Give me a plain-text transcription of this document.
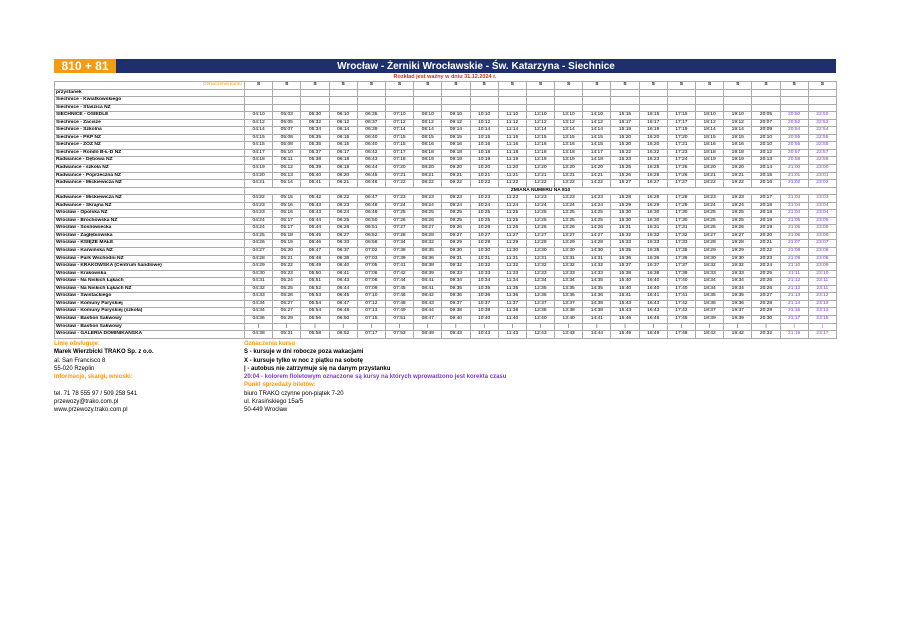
810 + 81	Wrocław - Żerniki Wrocławskie - Św. Katarzyna - Siechnice
Rozkład jest ważny w dniu 31.12.2024 r.
Oznaczenia kursu	S	S	S	S	S	S	S	S	S	S	S	S	S	S	S	S	S	S	S	S	S
przystanek																					
Siechnice - Kwiatkowskiego																					
Siechnice - Staszica NŻ																					
SIECHNICE - OSIEDLE	04:10	05:03	05:30	06:10	06:35	07:10	08:10	09:10	10:10	11:10	12:10	13:10	14:10	15:15	16:15	17:15	18:10	19:10	20:05	20:50	22:50
Siechnice - Zacisze	04:12	05:05	05:32	06:12	06:37	07:12	08:12	09:12	10:12	11:12	12:12	13:12	14:12	15:17	16:17	17:17	18:12	19:12	20:07	20:52	22:52
Siechnice - Szkolna	04:14	05:07	05:34	06:14	06:39	07:14	08:14	09:14	10:14	11:14	12:14	13:14	14:14	15:19	16:19	17:19	18:14	19:14	20:09	20:54	22:54
Siechnice - PKP NŻ	04:15	05:08	05:35	06:15	06:40	07:15	08:15	09:15	10:15	11:15	12:15	13:15	14:15	15:20	16:20	17:20	18:15	19:15	20:10	20:55	22:55
Siechnice - ZOZ NŻ	04:15	05:08	05:35	06:15	06:40	07:15	08:16	09:16	10:16	11:16	12:16	13:16	14:15	15:20	16:20	17:21	18:16	19:16	20:10	20:55	22:55
Siechnice - Rondo B-Ł-D NŻ	04:17	05:10	05:37	06:17	06:42	07:17	08:18	09:18	10:18	11:18	12:18	13:18	14:17	15:22	16:22	17:23	18:18	19:18	20:12	20:57	22:57
Radwanice - Dębowa NŻ	04:18	05:11	05:38	06:18	06:43	07:18	08:19	09:19	10:19	11:19	12:19	13:19	14:18	15:23	16:23	17:24	18:19	19:19	20:13	20:58	22:58
Radwanice - szkoła NŻ	04:19	05:12	05:39	06:19	06:44	07:20	08:20	09:20	10:20	11:20	12:20	13:20	14:20	15:25	16:25	17:25	18:20	19:20	20:14	21:00	23:00
Radwanice - Poprzeczna NŻ	04:20	05:13	05:40	06:20	06:45	07:21	08:21	09:21	10:21	11:21	12:21	13:21	14:21	15:26	16:26	17:26	18:21	19:21	20:15	21:01	23:01
Radwanice - Mickiewicza NŻ	04:21	05:14	05:41	06:21	06:46	07:22	08:22	09:22	10:22	11:22	12:22	13:22	14:22	15:27	16:27	17:27	18:22	19:22	20:16	21:02	23:02
	ZMIANA NUMERU NA 810																				
Radwanice - Mickiewicza NŻ	04:22	05:15	05:42	06:22	06:47	07:23	08:23	09:23	10:23	11:23	12:23	13:23	14:23	15:28	16:28	17:28	18:23	19:23	20:17	21:03	23:03
Radwanice - Skrajna NŻ	04:23	05:16	05:43	06:23	06:48	07:24	08:24	09:24	10:24	11:24	12:24	13:24	14:24	15:29	16:29	17:29	18:24	19:24	20:18	21:04	23:04
Wrocław - Opolska NŻ	04:23	05:16	05:43	06:24	06:49	07:25	08:25	09:25	10:25	11:25	12:25	13:25	14:25	15:30	16:30	17:30	18:25	19:25	20:18	21:04	23:04
Wrocław - Brochowska NŻ	04:24	05:17	05:44	06:25	06:50	07:26	08:26	09:25	10:25	11:25	12:25	13:25	14:25	15:30	16:30	17:30	18:25	19:25	20:19	21:05	23:05
Wrocław - Sosnowiecka	04:24	05:17	05:44	06:26	06:51	07:27	08:27	09:26	10:26	11:26	12:26	13:26	14:26	15:31	16:31	17:31	18:26	19:26	20:19	21:05	23:05
Wrocław - Zagłębiowska	04:25	05:18	05:45	06:27	06:52	07:28	08:28	09:27	10:27	11:27	12:27	13:27	14:27	15:32	16:32	17:32	18:27	19:27	20:20	21:06	23:06
Wrocław - KSIĘŻE MAŁE	04:26	05:19	05:46	06:33	06:58	07:34	08:32	09:29	10:29	11:29	12:29	13:29	14:28	15:33	16:33	17:33	18:28	19:28	20:21	21:07	23:07
Wrocław - Karwińska NŻ	04:27	05:20	05:47	06:37	07:02	07:38	08:35	09:30	10:30	11:30	12:30	13:30	14:30	15:35	16:35	17:35	18:29	19:29	20:22	21:08	23:08
Wrocław - Park Wschodni NŻ	04:28	05:21	05:48	06:38	07:03	07:39	08:36	09:31	10:31	11:31	12:31	13:31	14:31	15:36	16:36	17:36	18:30	19:30	20:23	21:09	23:08
Wrocław - KRAKOWSKA (Centrum handlowe)	04:29	05:22	05:49	06:40	07:05	07:41	08:38	09:32	10:32	11:32	12:32	13:32	14:32	15:37	16:37	17:37	18:32	19:32	20:24	21:10	23:09
Wrocław - Krakowska	04:30	05:23	05:50	06:41	07:06	07:42	08:39	09:33	10:33	11:33	12:33	13:33	14:33	15:38	16:38	17:38	18:33	19:33	20:25	21:11	23:10
Wrocław - Na Niskich Łąkach	04:31	05:24	05:51	06:43	07:08	07:44	08:41	09:34	10:34	11:34	12:34	13:34	14:35	15:40	16:40	17:40	18:34	19:34	20:26	21:12	23:11
Wrocław - Na Niskich Łąkach NŻ	04:32	05:25	05:52	06:44	07:09	07:45	08:41	09:35	10:35	11:35	12:35	13:35	14:35	15:40	16:40	17:40	18:34	19:34	20:26	21:12	23:11
Wrocław - Świstackiego	04:33	05:26	05:53	06:45	07:10	07:46	08:42	09:36	10:36	11:36	12:36	13:36	14:36	15:41	16:41	17:41	18:35	19:35	20:27	21:13	23:12
Wrocław - Komuny Paryskiej	04:34	05:27	05:54	06:47	07:12	07:48	08:43	09:37	10:37	11:37	12:37	13:37	14:38	15:43	16:43	17:42	18:36	19:36	20:28	21:14	23:13
Wrocław - Komuny Paryskiej (szkoła)	04:34	05:27	05:54	06:48	07:13	07:49	08:44	09:38	10:38	11:38	12:38	13:38	14:38	15:43	16:43	17:42	18:37	19:37	20:28	21:15	23:13
Wrocław - Bastion Sakwowy	04:36	05:29	05:56	06:50	07:15	07:51	08:47	09:40	10:40	11:40	12:40	13:40	14:41	15:46	16:46	17:45	18:39	19:39	20:30	21:17	23:15
Wrocław - Bastion Sakwowy	|	|	|	|	|	|	|	|	|	|	|	|	|	|	|	|	|	|	|	|	|
Wrocław - GALERIA DOMINIKAŃSKA	04:38	05:31	05:58	06:52	07:17	07:53	08:49	09:43	10:43	11:43	12:43	13:43	14:44	15:49	16:49	17:48	18:42	19:42	20:32	21:19	23:17
Linię obsługuje:
Marek Wierzbicki TRAKO Sp. z o.o.
al. San Francisco 8
55-020 Rzeplin
Informacje, skargi, wnioski:
tel. 71 78 555 97 / 509 258 541
przewozy@trako.com.pl
www.przewozy.trako.com.pl
Oznaczenia kursu
S - kursuje w dni robocze poza wakacjami
X - kursuje tylko w noc z piątku na sobotę
| - autobus nie zatrzymuje się na danym przystanku
20:04 - kolorem fioletowym oznaczone są kursy na których wprowadzono jest korekta czasu
Punkt sprzedaży biletów:
biuro TRAKO czynne pon-piątek 7-20
ul. Krasińskiego 15a/5
50-449 Wrocław
